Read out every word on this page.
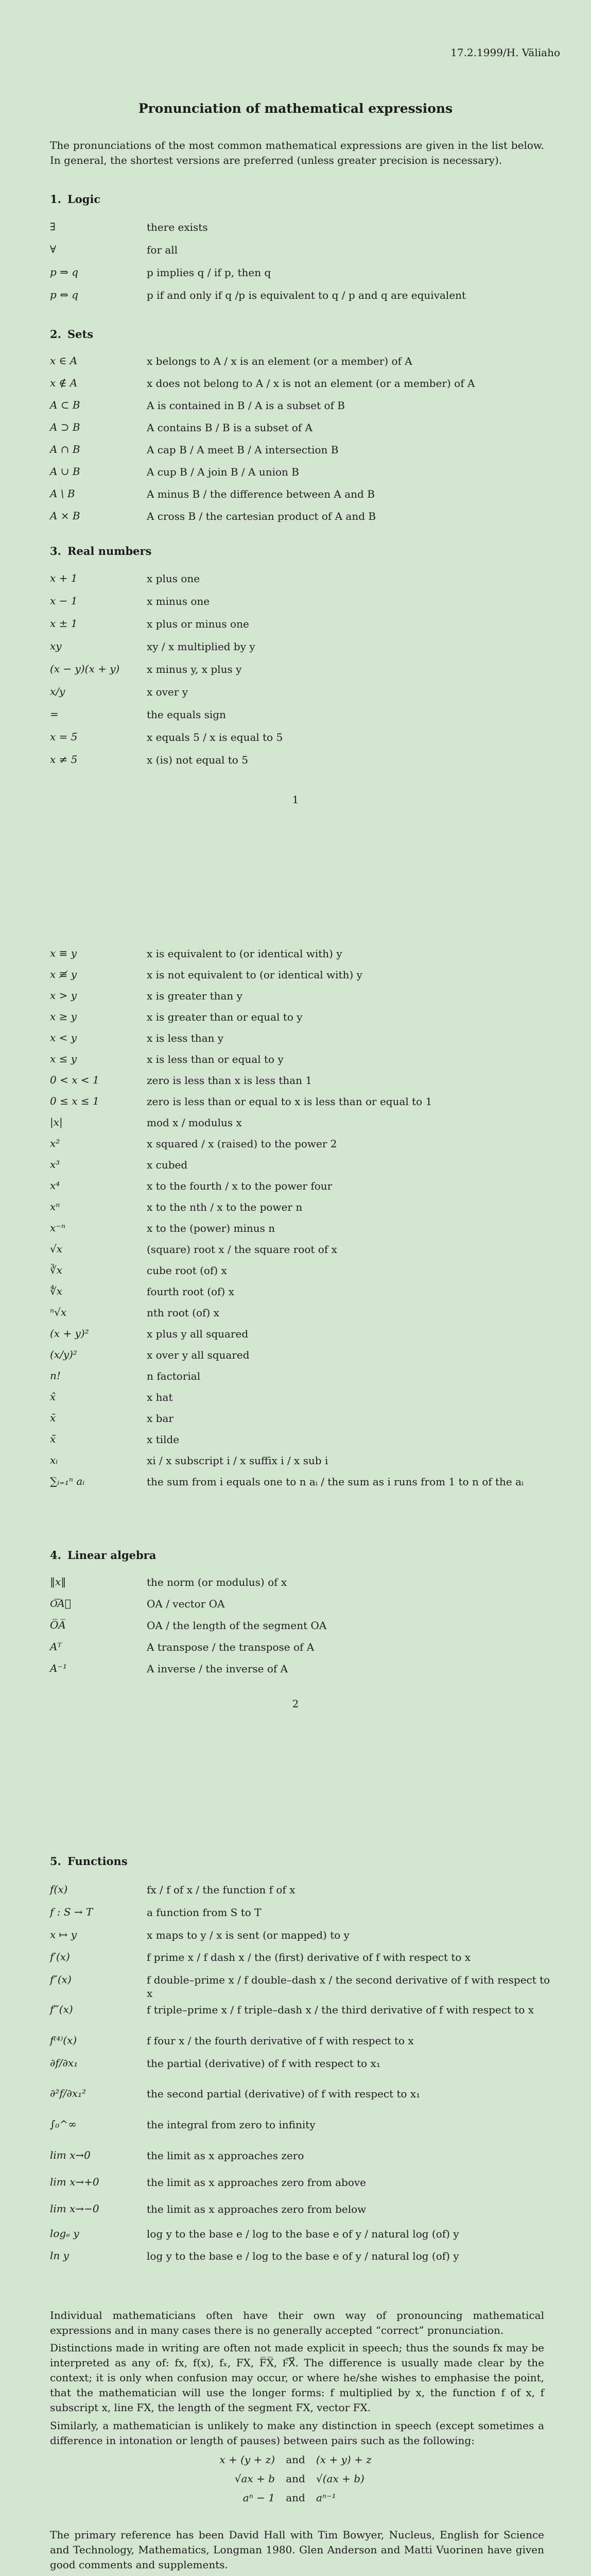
17.2.1999/H. Väliaho
Pronunciation of mathematical expressions
The pronunciations of the most common mathematical expressions are given in the list below. In general, the shortest versions are preferred (unless greater precision is necessary).
1. Logic
∃	there exists
∀	for all
p ⇒ q	p implies q / if p, then q
p ⇔ q	p if and only if q /p is equivalent to q / p and q are equivalent
2. Sets
x ∈ A	x belongs to A / x is an element (or a member) of A
x ∉ A	x does not belong to A / x is not an element (or a member) of A
A ⊂ B	A is contained in B / A is a subset of B
A ⊃ B	A contains B / B is a subset of A
A ∩ B	A cap B / A meet B / A intersection B
A ∪ B	A cup B / A join B / A union B
A \ B	A minus B / the difference between A and B
A × B	A cross B / the cartesian product of A and B
3. Real numbers
x + 1	x plus one
x − 1	x minus one
x ± 1	x plus or minus one
xy	xy / x multiplied by y
(x − y)(x + y)	x minus y, x plus y
x/y	x over y
=	the equals sign
x = 5	x equals 5 / x is equal to 5
x ≠ 5	x (is) not equal to 5
1
x ≡ y	x is equivalent to (or identical with) y
x ≢ y	x is not equivalent to (or identical with) y
x > y	x is greater than y
x ≥ y	x is greater than or equal to y
x < y	x is less than y
x ≤ y	x is less than or equal to y
0 < x < 1	zero is less than x is less than 1
0 ≤ x ≤ 1	zero is less than or equal to x is less than or equal to 1
|x|	mod x / modulus x
x²	x squared / x (raised) to the power 2
x³	x cubed
x⁴	x to the fourth / x to the power four
xⁿ	x to the nth / x to the power n
x⁻ⁿ	x to the (power) minus n
√x	(square) root x / the square root of x
∛x	cube root (of) x
∜x	fourth root (of) x
ⁿ√x	nth root (of) x
(x + y)²	x plus y all squared
(x/y)²	x over y all squared
n!	n factorial
x̂	x hat
x̄	x bar
x̃	x tilde
xᵢ	xi / x subscript i / x suffix i / x sub i
∑ᵢ₌₁ⁿ aᵢ	the sum from i equals one to n aᵢ / the sum as i runs from 1 to n of the aᵢ
4. Linear algebra
‖x‖	the norm (or modulus) of x
O͞A⃗	OA / vector OA
O̅A̅	OA / the length of the segment OA
Aᵀ	A transpose / the transpose of A
A⁻¹	A inverse / the inverse of A
2
5. Functions
f(x)	fx / f of x / the function f of x
f : S → T	a function from S to T
x ↦ y	x maps to y / x is sent (or mapped) to y
f′(x)	f prime x / f dash x / the (first) derivative of f with respect to x
f″(x)	f double–prime x / f double–dash x / the second derivative of f with respect to x
f‴(x)	f triple–prime x / f triple–dash x / the third derivative of f with respect to x
f⁽⁴⁾(x)	f four x / the fourth derivative of f with respect to x
∂f/∂x₁	the partial (derivative) of f with respect to x₁
∂²f/∂x₁²	the second partial (derivative) of f with respect to x₁
∫₀^∞	the integral from zero to infinity
lim x→0	the limit as x approaches zero
lim x→+0	the limit as x approaches zero from above
lim x→−0	the limit as x approaches zero from below
logₑ y	log y to the base e / log to the base e of y / natural log (of) y
ln y	log y to the base e / log to the base e of y / natural log (of) y
Individual mathematicians often have their own way of pronouncing mathematical expressions and in many cases there is no generally accepted “correct” pronunciation.
Distinctions made in writing are often not made explicit in speech; thus the sounds fx may be interpreted as any of: fx, f(x), fₓ, FX, F̅X̅, F͞X⃗. The difference is usually made clear by the context; it is only when confusion may occur, or where he/she wishes to emphasise the point, that the mathematician will use the longer forms: f multiplied by x, the function f of x, f subscript x, line FX, the length of the segment FX, vector FX.
Similarly, a mathematician is unlikely to make any distinction in speech (except sometimes a difference in intonation or length of pauses) between pairs such as the following:
x + (y + z) and (x + y) + z
√ax + b and √(ax + b)
aⁿ − 1 and aⁿ⁻¹
The primary reference has been David Hall with Tim Bowyer, Nucleus, English for Science and Technology, Mathematics, Longman 1980. Glen Anderson and Matti Vuorinen have given good comments and supplements.
